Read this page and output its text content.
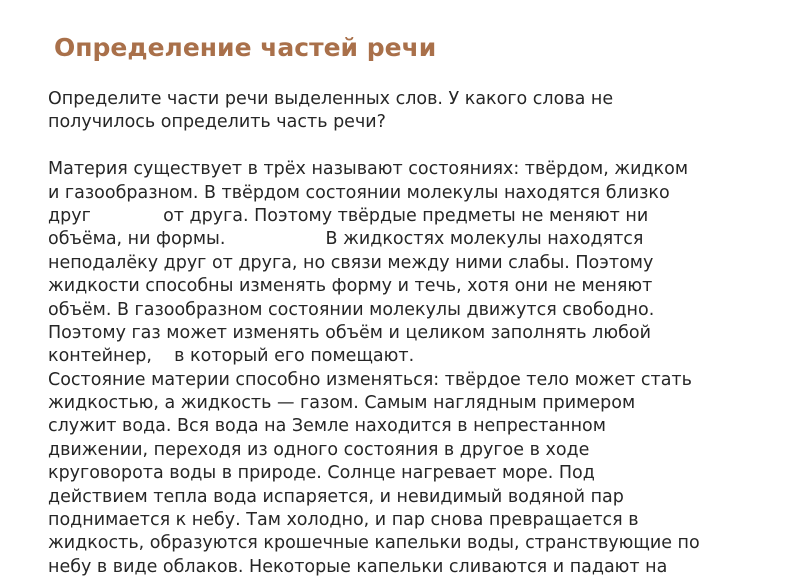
Определение частей речи
Определите части речи выделенных слов. У какого слова не
получилось определить часть речи?
Материя существует в трёх называют состояниях: твёрдом, жидком
и газообразном. В твёрдом состоянии молекулы находятся близко
друг             от друга. Поэтому твёрдые предметы не меняют ни
объёма, ни формы.                  В жидкостях молекулы находятся
неподалёку друг от друга, но связи между ними слабы. Поэтому
жидкости способны изменять форму и течь, хотя они не меняют
объём. В газообразном состоянии молекулы движутся свободно.
Поэтому газ может изменять объём и целиком заполнять любой
контейнер,    в который его помещают.
Состояние материи способно изменяться: твёрдое тело может стать
жидкостью, а жидкость — газом. Самым наглядным примером
служит вода. Вся вода на Земле находится в непрестанном
движении, переходя из одного состояния в другое в ходе
круговорота воды в природе. Солнце нагревает море. Под
действием тепла вода испаряется, и невидимый водяной пар
поднимается к небу. Там холодно, и пар снова превращается в
жидкость, образуются крошечные капельки воды, странствующие по
небу в виде облаков. Некоторые капельки сливаются и падают на
